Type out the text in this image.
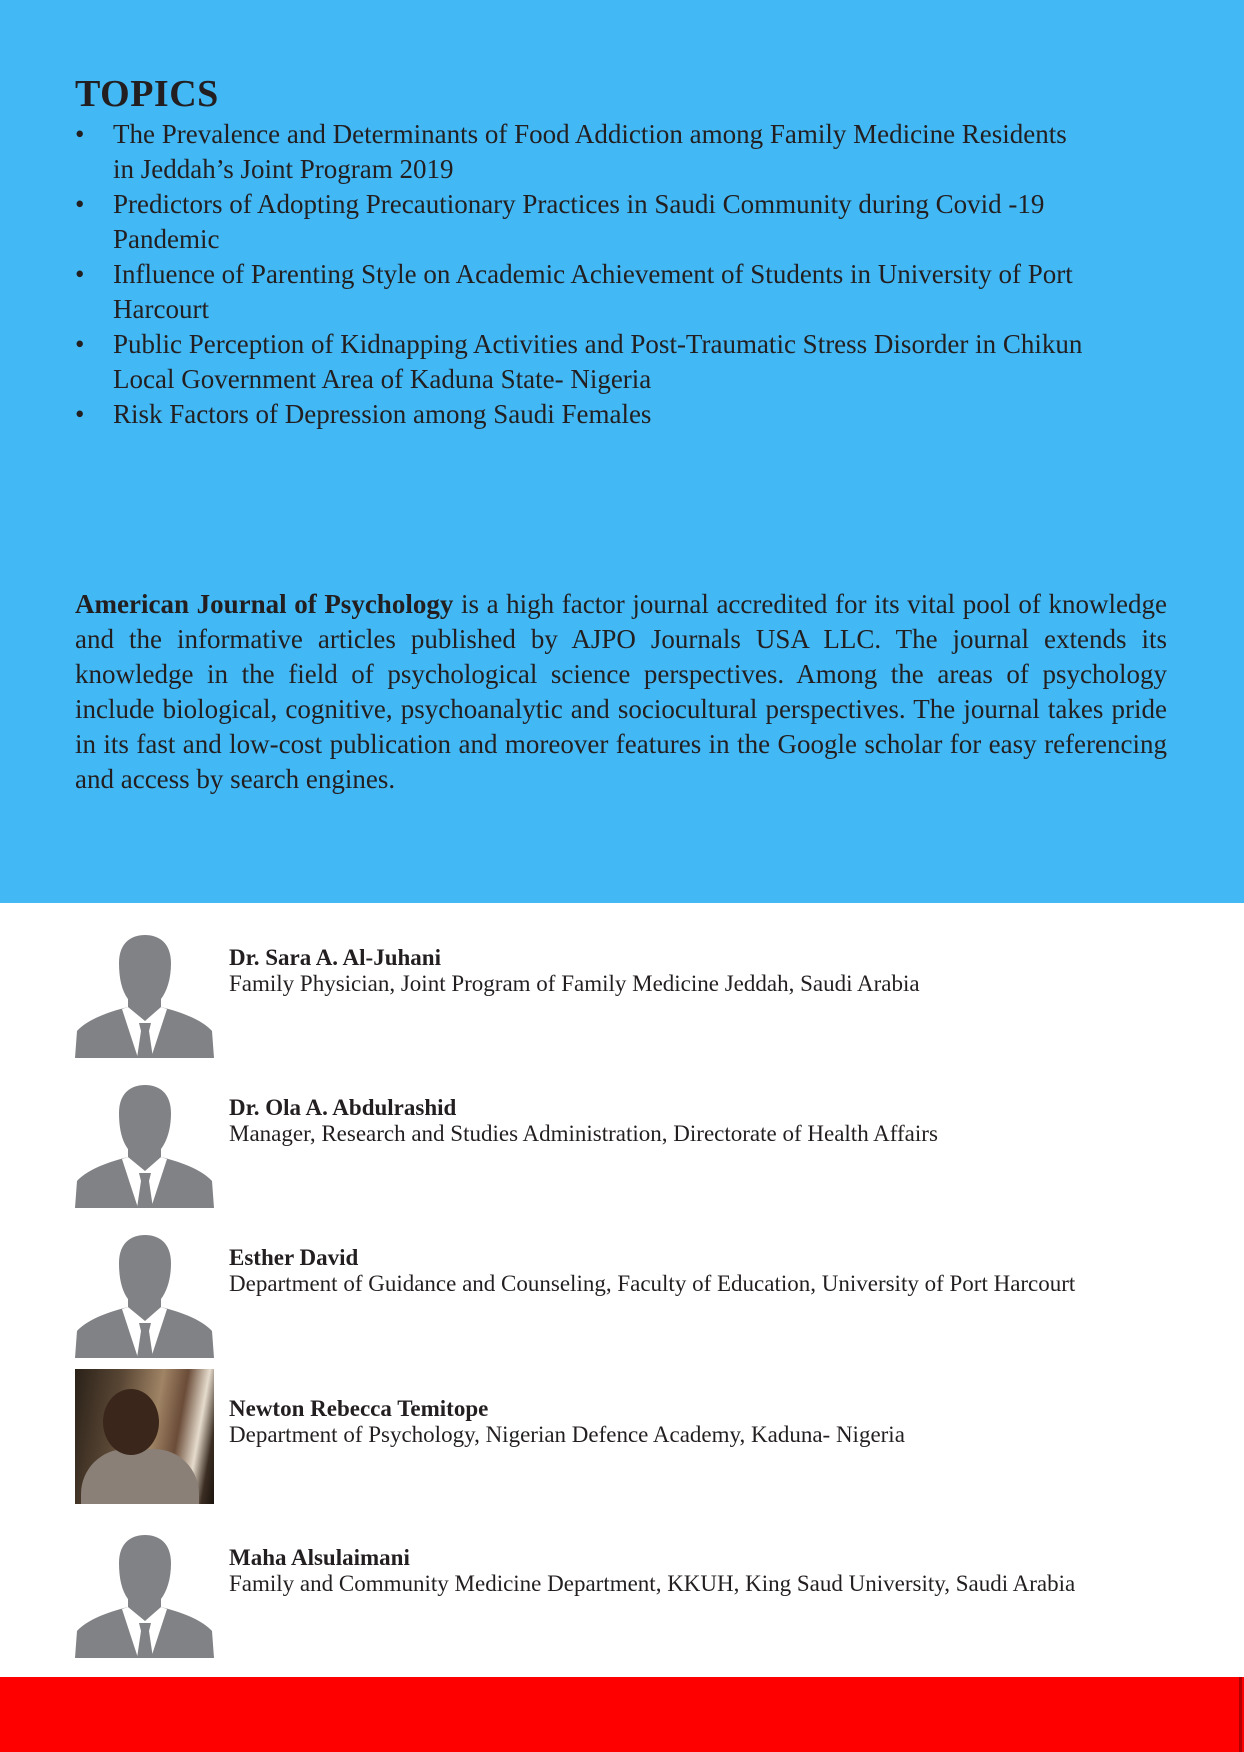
TOPICS
• The Prevalence and Determinants of Food Addiction among Family Medicine Residents
in Jeddah’s Joint Program 2019
• Predictors of Adopting Precautionary Practices in Saudi Community during Covid -19
Pandemic
• Influence of Parenting Style on Academic Achievement of Students in University of Port
Harcourt
• Public Perception of Kidnapping Activities and Post-Traumatic Stress Disorder in Chikun
Local Government Area of Kaduna State- Nigeria
• Risk Factors of Depression among Saudi Females

American Journal of Psychology is a high factor journal accredited for its vital pool of knowledge and the informative articles published by AJPO Journals USA LLC. The journal extends its knowledge in the field of psychological science perspectives. Among the areas of psychology include biological, cognitive, psychoanalytic and sociocultural perspectives. The journal takes pride in its fast and low-cost publication and moreover features in the Google scholar for easy referencing and access by search engines.

Dr. Sara A. Al-Juhani
Family Physician, Joint Program of Family Medicine Jeddah, Saudi Arabia
Dr. Ola A. Abdulrashid
Manager, Research and Studies Administration, Directorate of Health Affairs
Esther David
Department of Guidance and Counseling, Faculty of Education, University of Port Harcourt
Newton Rebecca Temitope
Department of Psychology, Nigerian Defence Academy, Kaduna- Nigeria
Maha Alsulaimani
Family and Community Medicine Department, KKUH, King Saud University, Saudi Arabia
